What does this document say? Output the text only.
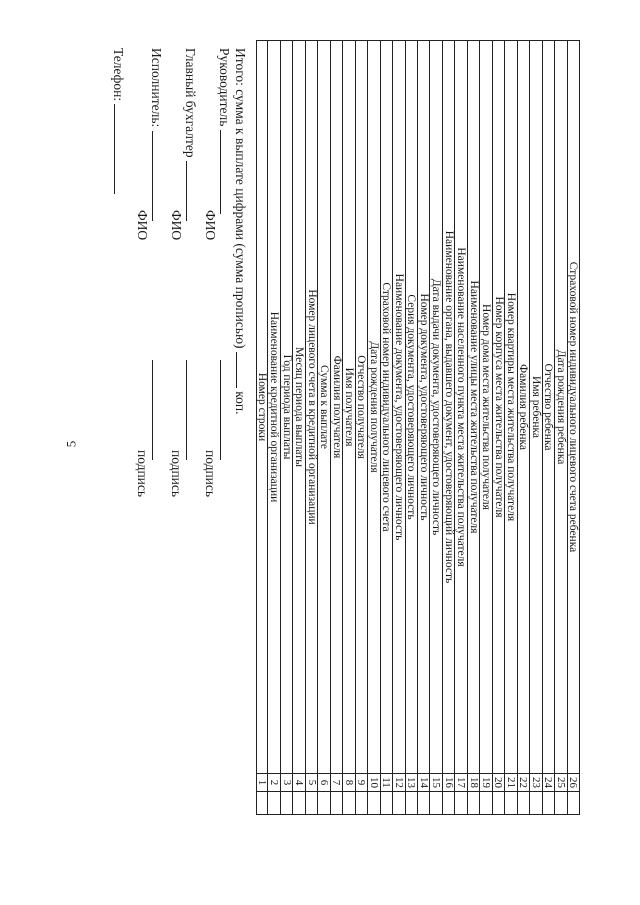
5
Номер строки
1
Наименование кредитной организации
2
Год периода выплаты
3
Месяц периода выплаты
4
Номер лицевого счета в кредитной организации
5
Сумма к выплате
6
Фамилия получателя
7
Имя получателя
8
Отчество получателя
9
Дата рождения получателя
10
Страховой номер индивидуального лицевого счета
11
Наименование документа, удостоверяющего личность
12
Серия документа, удостоверяющего личность
13
Номер документа, удостоверяющего личность
14
Дата выдачи документа, удостоверяющего личность
15
Наименование органа, выдавшего документ, удостоверяющий личность
16
Наименование населенного пункта места жительства получателя
17
Наименование улицы места жительства получателя
18
Номер дома места жительства получателя
19
Номер корпуса места жительства получателя
20
Номер квартиры места жительства получателя
21
Фамилия ребенка
22
Имя ребенка
23
Отчество ребенка
24
Дата рождения ребенка
25
Страховой номер индивидуального лицевого счета ребенка
26
Итого: сумма к выплате цифрами (сумма прописью)  коп.
Руководитель
ФИО
подпись
Главный бухгалтер
ФИО
подпись
Исполнитель:
ФИО
подпись
Телефон:
